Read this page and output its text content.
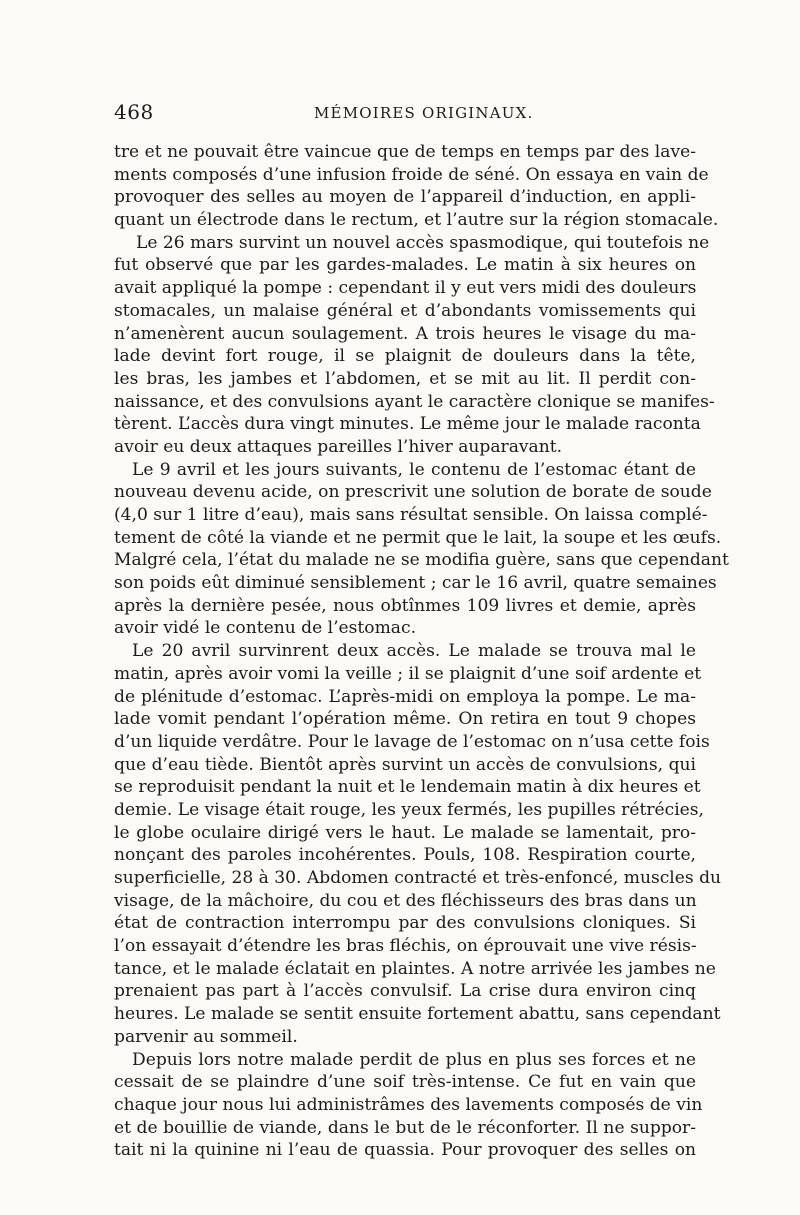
468	MÉMOIRES ORIGINAUX.
tre et ne pouvait être vaincue que de temps en temps par des lave-
ments composés d’une infusion froide de séné. On essaya en vain de
provoquer des selles au moyen de l’appareil d’induction, en appli-
quant un électrode dans le rectum, et l’autre sur la région stomacale.
Le 26 mars survint un nouvel accès spasmodique, qui toutefois ne
fut observé que par les gardes-malades. Le matin à six heures on
avait appliqué la pompe : cependant il y eut vers midi des douleurs
stomacales, un malaise général et d’abondants vomissements qui
n’amenèrent aucun soulagement. A trois heures le visage du ma-
lade devint fort rouge, il se plaignit de douleurs dans la tête,
les bras, les jambes et l’abdomen, et se mit au lit. Il perdit con-
naissance, et des convulsions ayant le caractère clonique se manifes-
tèrent. L’accès dura vingt minutes. Le même jour le malade raconta
avoir eu deux attaques pareilles l’hiver auparavant.
Le 9 avril et les jours suivants, le contenu de l’estomac étant de
nouveau devenu acide, on prescrivit une solution de borate de soude
(4,0 sur 1 litre d’eau), mais sans résultat sensible. On laissa complé-
tement de côté la viande et ne permit que le lait, la soupe et les œufs.
Malgré cela, l’état du malade ne se modifia guère, sans que cependant
son poids eût diminué sensiblement ; car le 16 avril, quatre semaines
après la dernière pesée, nous obtînmes 109 livres et demie, après
avoir vidé le contenu de l’estomac.
Le 20 avril survinrent deux accès. Le malade se trouva mal le
matin, après avoir vomi la veille ; il se plaignit d’une soif ardente et
de plénitude d’estomac. L’après-midi on employa la pompe. Le ma-
lade vomit pendant l’opération même. On retira en tout 9 chopes
d’un liquide verdâtre. Pour le lavage de l’estomac on n’usa cette fois
que d’eau tiède. Bientôt après survint un accès de convulsions, qui
se reproduisit pendant la nuit et le lendemain matin à dix heures et
demie. Le visage était rouge, les yeux fermés, les pupilles rétrécies,
le globe oculaire dirigé vers le haut. Le malade se lamentait, pro-
nonçant des paroles incohérentes. Pouls, 108. Respiration courte,
superficielle, 28 à 30. Abdomen contracté et très-enfoncé, muscles du
visage, de la mâchoire, du cou et des fléchisseurs des bras dans un
état de contraction interrompu par des convulsions cloniques. Si
l’on essayait d’étendre les bras fléchis, on éprouvait une vive résis-
tance, et le malade éclatait en plaintes. A notre arrivée les jambes ne
prenaient pas part à l’accès convulsif. La crise dura environ cinq
heures. Le malade se sentit ensuite fortement abattu, sans cependant
parvenir au sommeil.
Depuis lors notre malade perdit de plus en plus ses forces et ne
cessait de se plaindre d’une soif très-intense. Ce fut en vain que
chaque jour nous lui administrâmes des lavements composés de vin
et de bouillie de viande, dans le but de le réconforter. Il ne suppor-
tait ni la quinine ni l’eau de quassia. Pour provoquer des selles on
